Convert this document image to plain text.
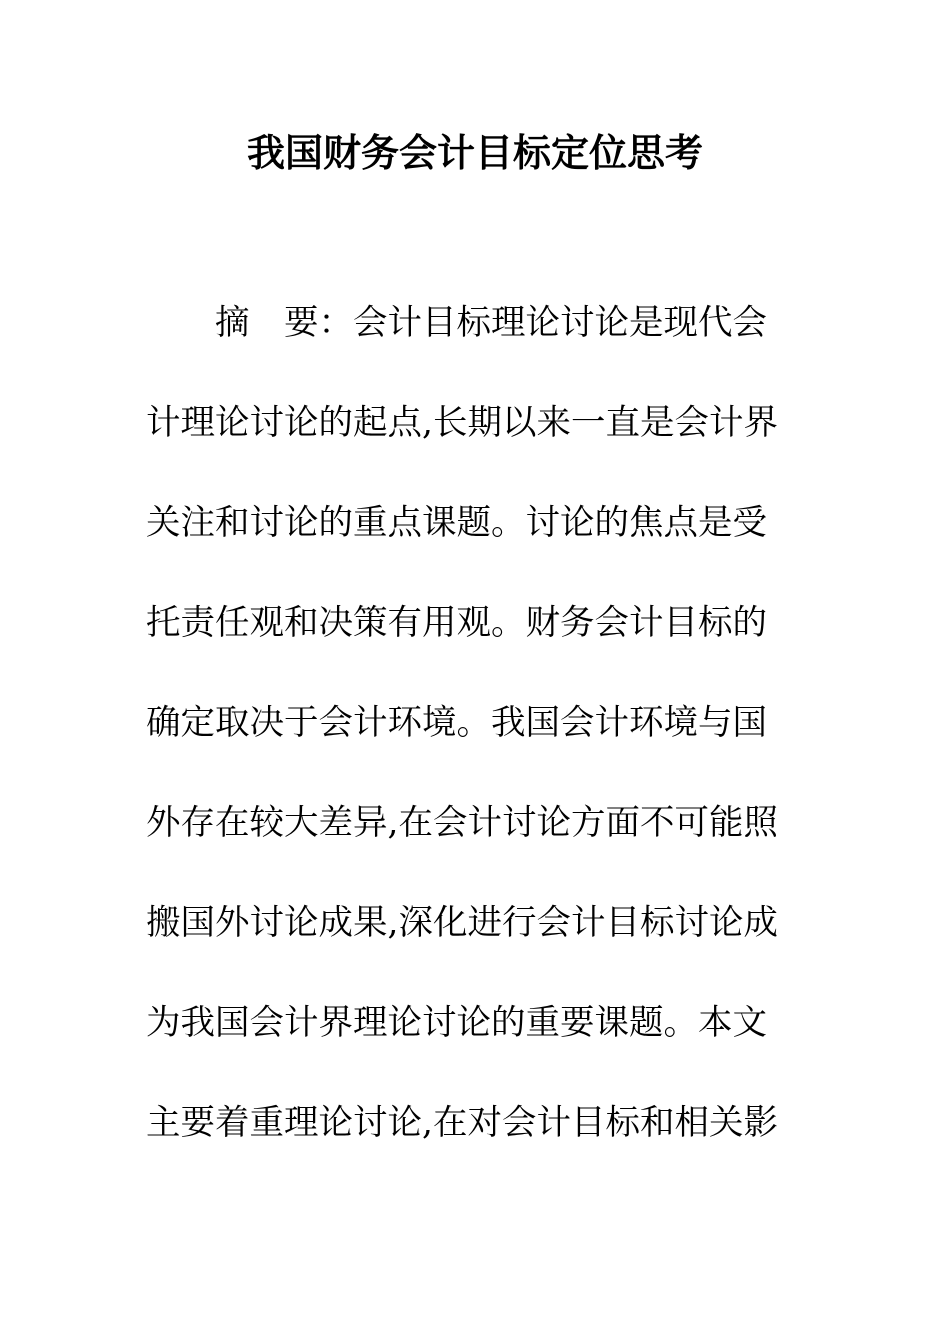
我国财务会计目标定位思考
摘　要：会计目标理论讨论是现代会
计理论讨论的起点,长期以来一直是会计界
关注和讨论的重点课题。讨论的焦点是受
托责任观和决策有用观。财务会计目标的
确定取决于会计环境。我国会计环境与国
外存在较大差异,在会计讨论方面不可能照
搬国外讨论成果,深化进行会计目标讨论成
为我国会计界理论讨论的重要课题。本文
主要着重理论讨论,在对会计目标和相关影
